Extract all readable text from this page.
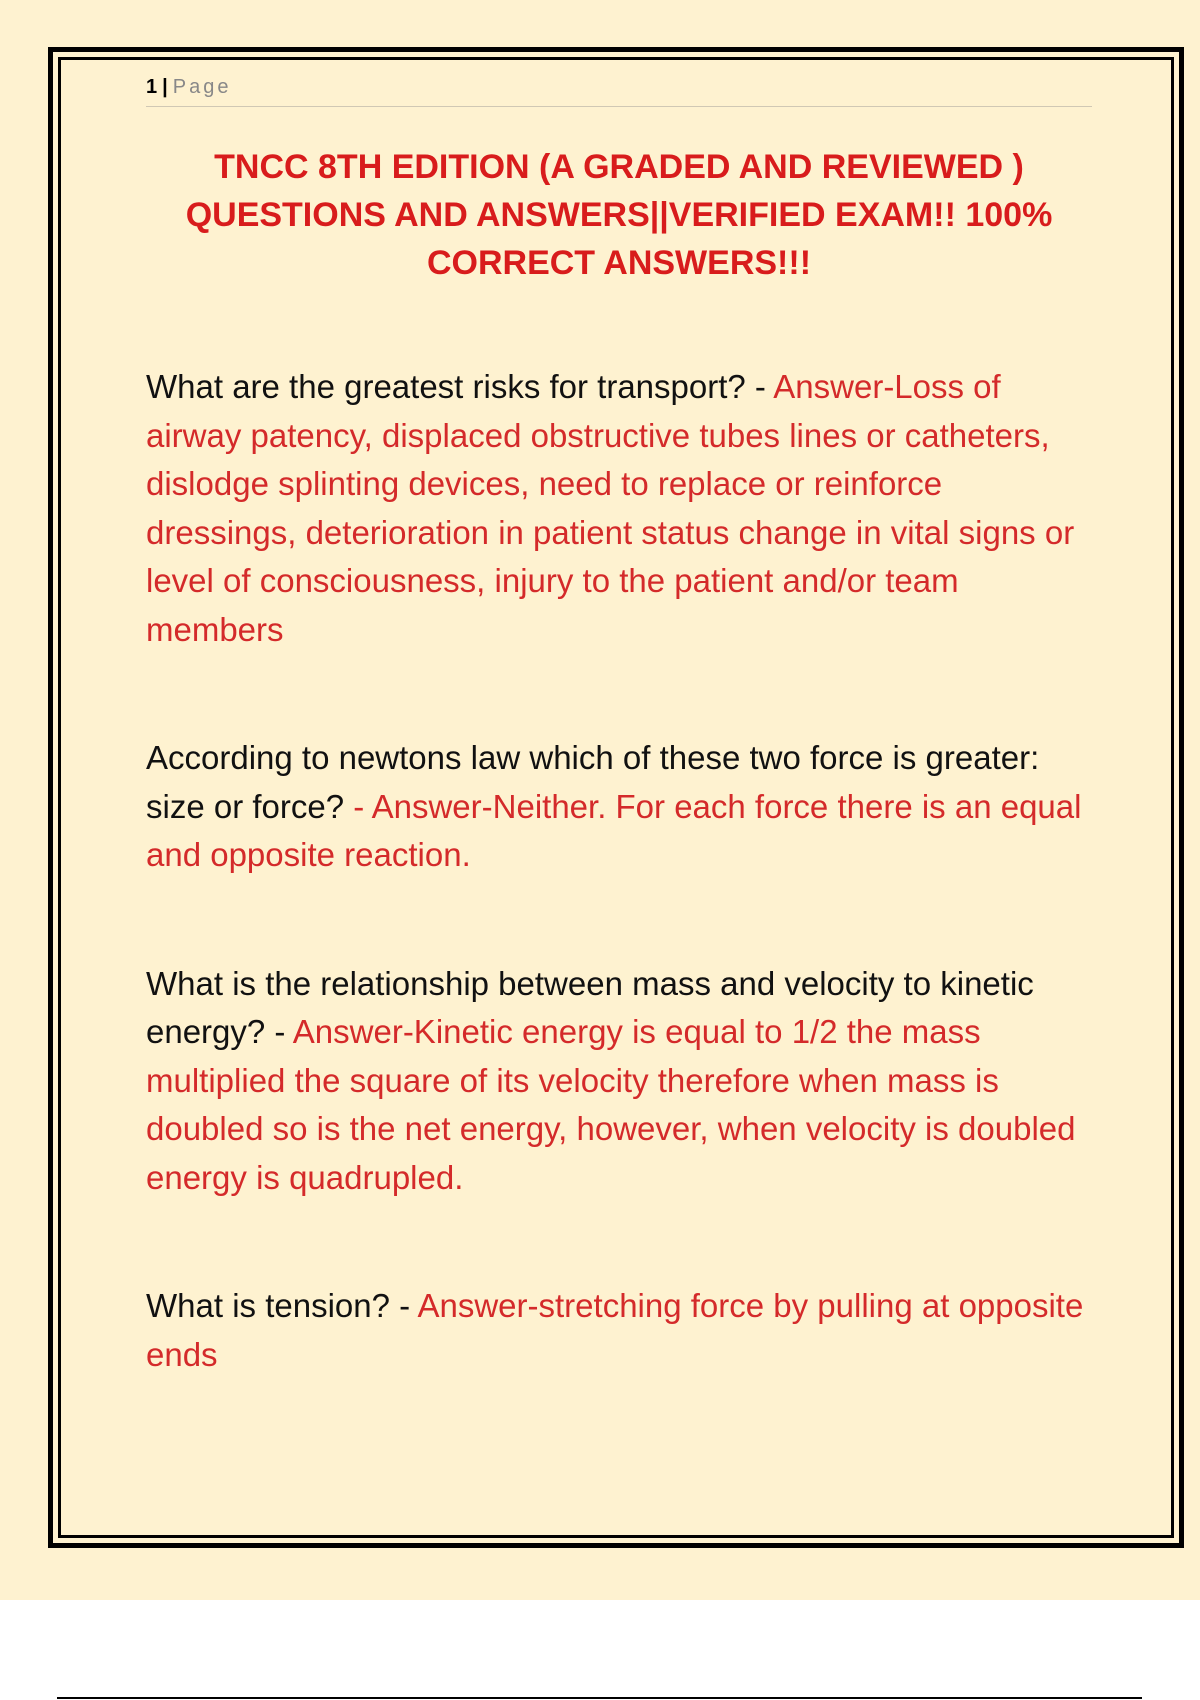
1 | Page
TNCC 8TH EDITION (A GRADED AND REVIEWED )
QUESTIONS AND ANSWERS||VERIFIED EXAM!! 100%
CORRECT ANSWERS!!!
What are the greatest risks for transport? - Answer-Loss of airway patency, displaced obstructive tubes lines or catheters, dislodge splinting devices, need to replace or reinforce dressings, deterioration in patient status change in vital signs or level of consciousness, injury to the patient and/or team members
According to newtons law which of these two force is greater: size or force? - Answer-Neither. For each force there is an equal and opposite reaction.
What is the relationship between mass and velocity to kinetic energy? - Answer-Kinetic energy is equal to 1/2 the mass multiplied the square of its velocity therefore when mass is doubled so is the net energy, however, when velocity is doubled energy is quadrupled.
What is tension? - Answer-stretching force by pulling at opposite ends
